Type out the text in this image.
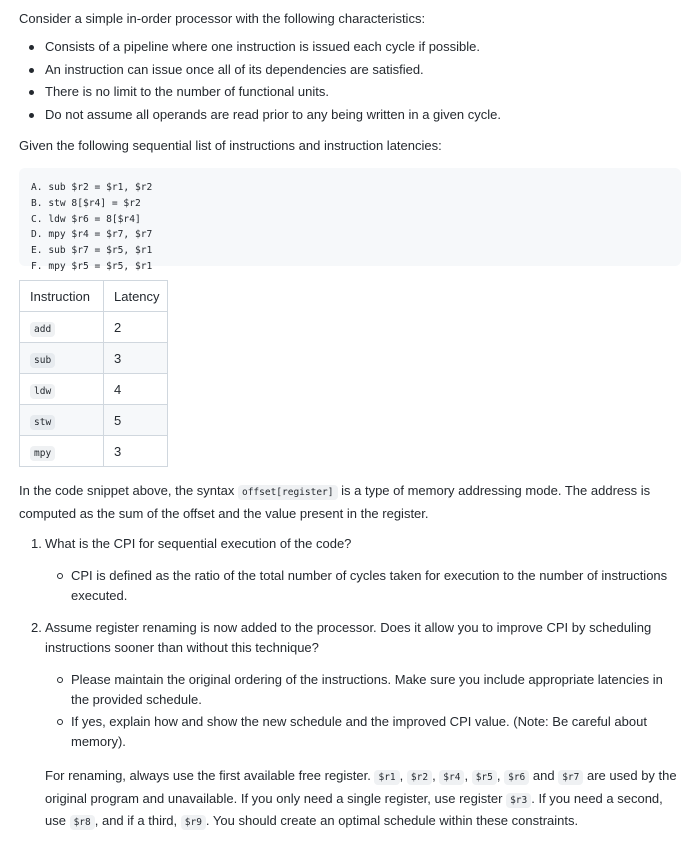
Consider a simple in-order processor with the following characteristics:

Consists of a pipeline where one instruction is issued each cycle if possible.
An instruction can issue once all of its dependencies are satisfied.
There is no limit to the number of functional units.
Do not assume all operands are read prior to any being written in a given cycle.

Given the following sequential list of instructions and instruction latencies:

A. sub $r2 = $r1, $r2
B. stw 8[$r4] = $r2
C. ldw $r6 = 8[$r4]
D. mpy $r4 = $r7, $r7
E. sub $r7 = $r5, $r1
F. mpy $r5 = $r5, $r1
Instruction	Latency
add	2
sub	3
ldw	4
stw	5
mpy	3

In the code snippet above, the syntax offset[register] is a type of memory addressing mode. The address is computed as the sum of the offset and the value present in the register.

1. What is the CPI for sequential execution of the code?
CPI is defined as the ratio of the total number of cycles taken for execution to the number of instructions executed.
2. Assume register renaming is now added to the processor. Does it allow you to improve CPI by scheduling instructions sooner than without this technique?
Please maintain the original ordering of the instructions. Make sure you include appropriate latencies in the provided schedule.
If yes, explain how and show the new schedule and the improved CPI value. (Note: Be careful about memory).

For renaming, always use the first available free register. $r1 , $r2 , $r4 , $r5 , $r6 and $r7 are used by the original program and unavailable. If you only need a single register, use register $r3 . If you need a second, use $r8 , and if a third, $r9 . You should create an optimal schedule within these constraints.
